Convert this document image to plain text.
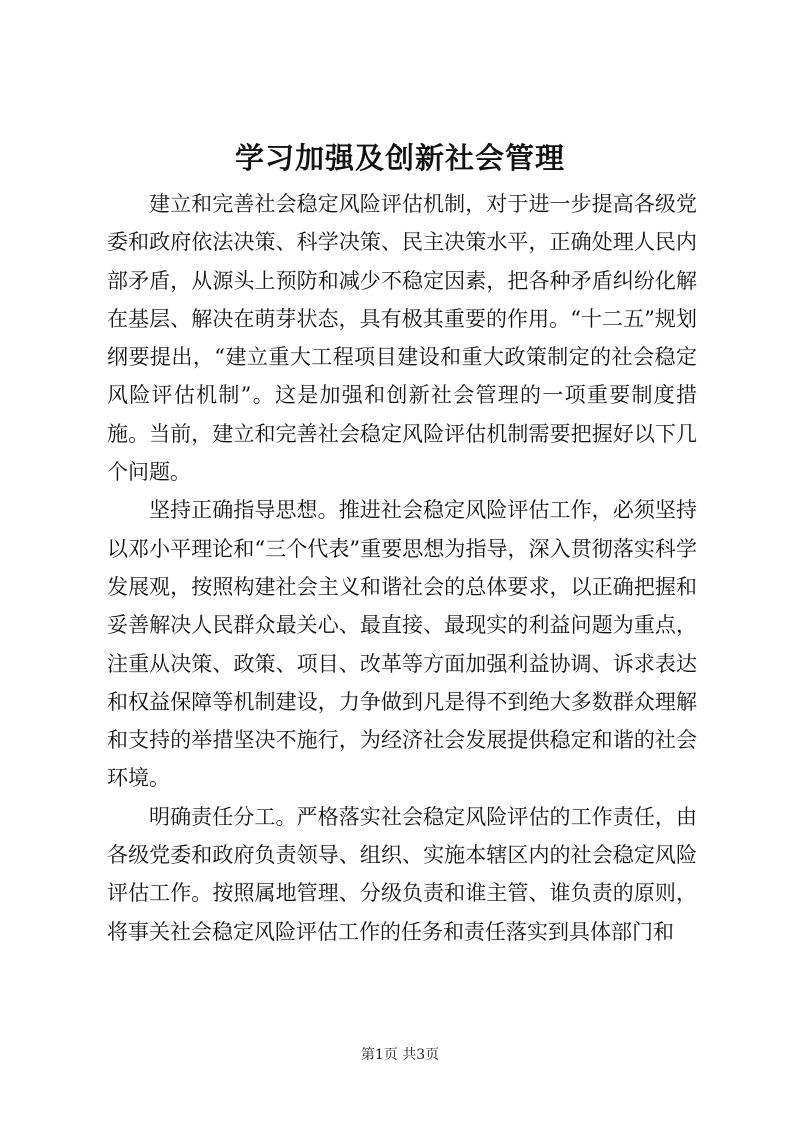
学习加强及创新社会管理

建立和完善社会稳定风险评估机制，对于进一步提高各级党委和政府依法决策、科学决策、民主决策水平，正确处理人民内部矛盾，从源头上预防和减少不稳定因素，把各种矛盾纠纷化解在基层、解决在萌芽状态，具有极其重要的作用。“十二五”规划纲要提出，“建立重大工程项目建设和重大政策制定的社会稳定风险评估机制”。这是加强和创新社会管理的一项重要制度措施。当前，建立和完善社会稳定风险评估机制需要把握好以下几个问题。

坚持正确指导思想。推进社会稳定风险评估工作，必须坚持以邓小平理论和“三个代表”重要思想为指导，深入贯彻落实科学发展观，按照构建社会主义和谐社会的总体要求，以正确把握和妥善解决人民群众最关心、最直接、最现实的利益问题为重点，注重从决策、政策、项目、改革等方面加强利益协调、诉求表达和权益保障等机制建设，力争做到凡是得不到绝大多数群众理解和支持的举措坚决不施行，为经济社会发展提供稳定和谐的社会环境。

明确责任分工。严格落实社会稳定风险评估的工作责任，由各级党委和政府负责领导、组织、实施本辖区内的社会稳定风险评估工作。按照属地管理、分级负责和谁主管、谁负责的原则，将事关社会稳定风险评估工作的任务和责任落实到具体部门和

第1页 共3页
